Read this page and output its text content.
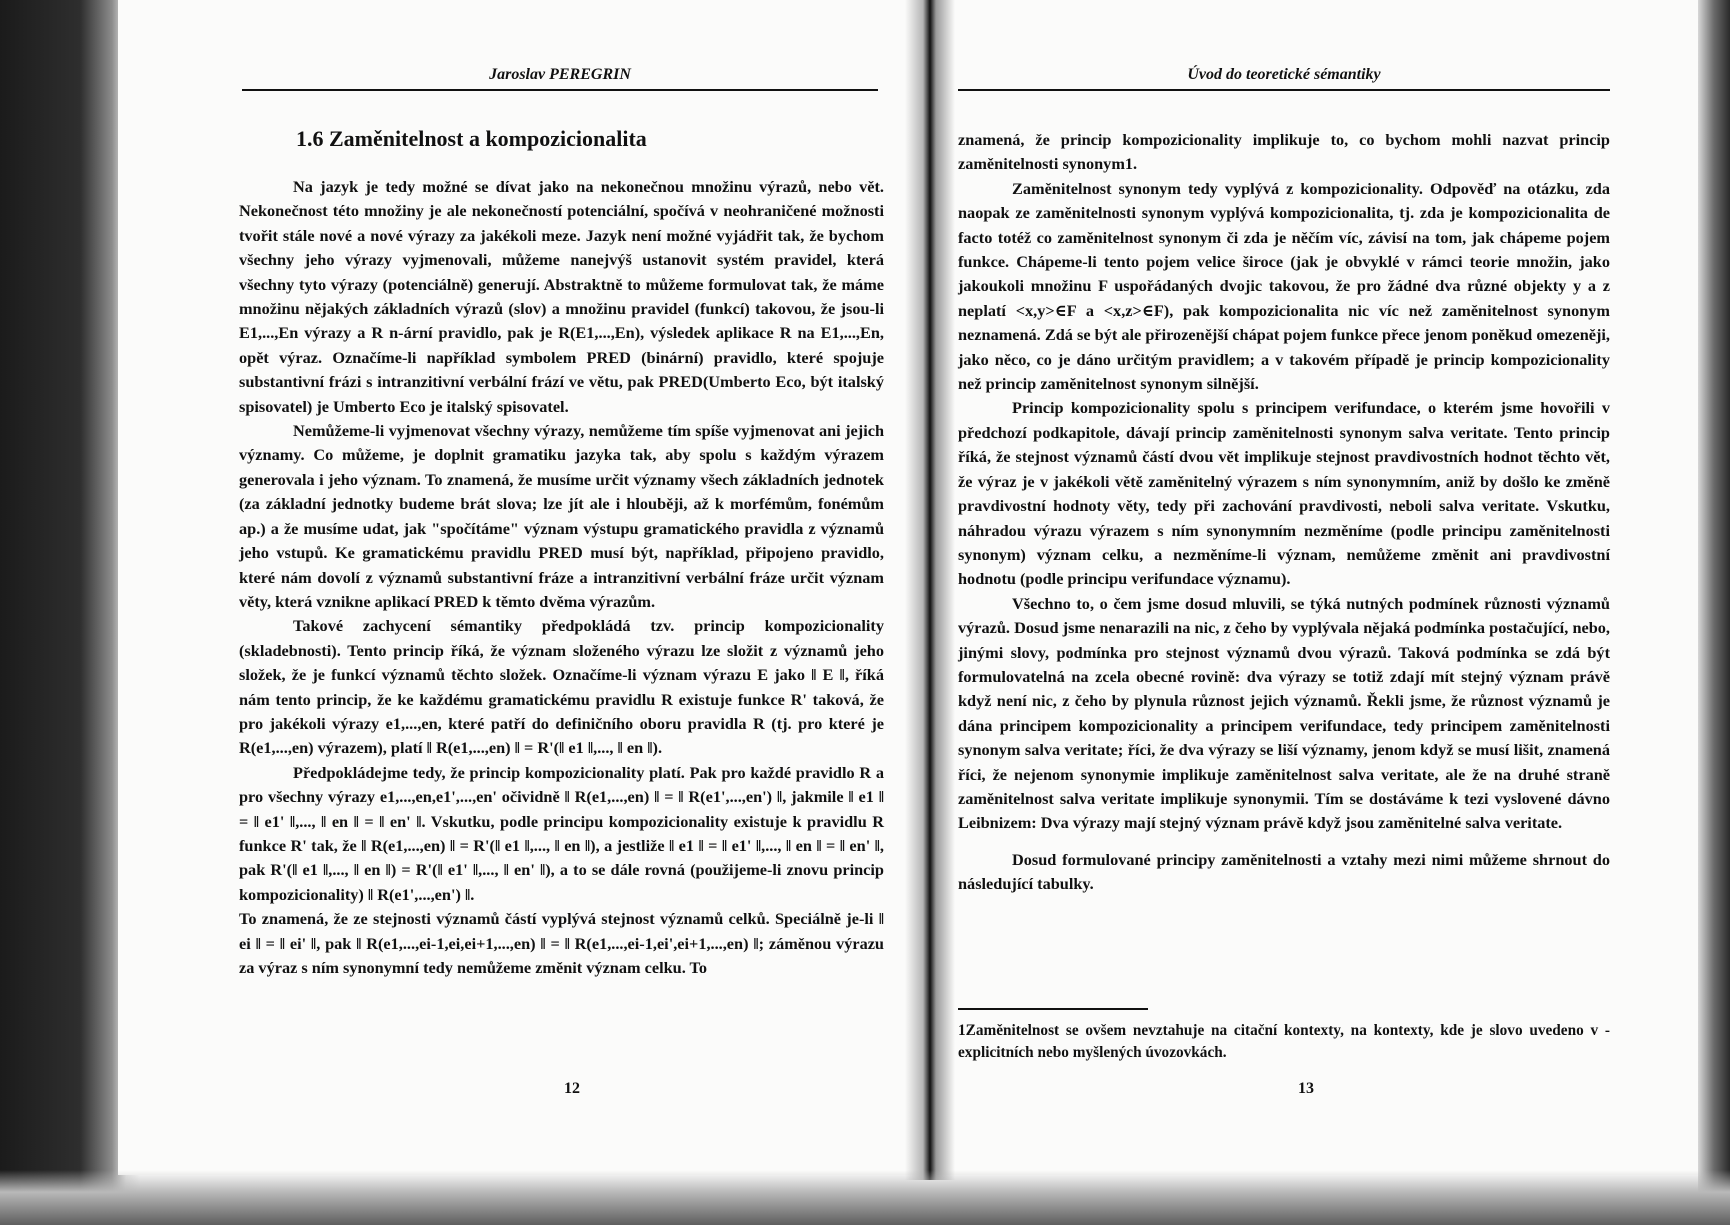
Jaroslav PEREGRIN
1.6 Zaměnitelnost a kompozicionalita

Na jazyk je tedy možné se dívat jako na nekonečnou množinu výrazů, nebo vět. Nekonečnost této množiny je ale nekonečností potenciální, spočívá v neohraničené možnosti tvořit stále nové a nové výrazy za jakékoli meze. Jazyk není možné vyjádřit tak, že bychom všechny jeho výrazy vyjmenovali, můžeme nanejvýš ustanovit systém pravidel, která všechny tyto výrazy (potenciálně) generují. Abstraktně to můžeme formulovat tak, že máme množinu nějakých základních výrazů (slov) a množinu pravidel (funkcí) takovou, že jsou-li E1,...,En výrazy a R n-ární pravidlo, pak je R(E1,...,En), výsledek aplikace R na E1,...,En, opět výraz. Označíme-li například symbolem PRED (binární) pravidlo, které spojuje substantivní frázi s intranzitivní verbální frází ve větu, pak PRED(Umberto Eco, být italský spisovatel) je Umberto Eco je italský spisovatel.

Nemůžeme-li vyjmenovat všechny výrazy, nemůžeme tím spíše vyjmenovat ani jejich významy. Co můžeme, je doplnit gramatiku jazyka tak, aby spolu s každým výrazem generovala i jeho význam. To znamená, že musíme určit významy všech základních jednotek (za základní jednotky budeme brát slova; lze jít ale i hlouběji, až k morfémům, fonémům ap.) a že musíme udat, jak "spočítáme" význam výstupu gramatického pravidla z významů jeho vstupů. Ke gramatickému pravidlu PRED musí být, například, připojeno pravidlo, které nám dovolí z významů substantivní fráze a intranzitivní verbální fráze určit význam věty, která vznikne aplikací PRED k těmto dvěma výrazům.

Takové zachycení sémantiky předpokládá tzv. princip kompozicionality (skladebnosti). Tento princip říká, že význam složeného výrazu lze složit z významů jeho složek, že je funkcí významů těchto složek. Označíme-li význam výrazu E jako ‖ E ‖, říká nám tento princip, že ke každému gramatickému pravidlu R existuje funkce R' taková, že pro jakékoli výrazy e1,...,en, které patří do definičního oboru pravidla R (tj. pro které je R(e1,...,en) výrazem), platí ‖ R(e1,...,en) ‖ = R'(‖ e1 ‖,..., ‖ en ‖).

Předpokládejme tedy, že princip kompozicionality platí. Pak pro každé pravidlo R a pro všechny výrazy e1,...,en,e1',...,en' očividně ‖ R(e1,...,en) ‖ = ‖ R(e1',...,en') ‖, jakmile ‖ e1 ‖ = ‖ e1' ‖,..., ‖ en ‖ = ‖ en' ‖. Vskutku, podle principu kompozicionality existuje k pravidlu R funkce R' tak, že ‖ R(e1,...,en) ‖ = R'(‖ e1 ‖,..., ‖ en ‖), a jestliže ‖ e1 ‖ = ‖ e1' ‖,..., ‖ en ‖ = ‖ en' ‖, pak R'(‖ e1 ‖,..., ‖ en ‖) = R'(‖ e1' ‖,..., ‖ en' ‖), a to se dále rovná (použijeme-li znovu princip kompozicionality) ‖ R(e1',...,en') ‖.

To znamená, že ze stejnosti významů částí vyplývá stejnost významů celků. Speciálně je-li ‖ ei ‖ = ‖ ei' ‖, pak ‖ R(e1,...,ei-1,ei,ei+1,...,en) ‖ = ‖ R(e1,...,ei-1,ei',ei+1,...,en) ‖; záměnou výrazu za výraz s ním synonymní tedy nemůžeme změnit význam celku. To

12
Úvod do teoretické sémantiky

znamená, že princip kompozicionality implikuje to, co bychom mohli nazvat princip zaměnitelnosti synonym1.

Zaměnitelnost synonym tedy vyplývá z kompozicionality. Odpověď na otázku, zda naopak ze zaměnitelnosti synonym vyplývá kompozicionalita, tj. zda je kompozicionalita de facto totéž co zaměnitelnost synonym či zda je něčím víc, závisí na tom, jak chápeme pojem funkce. Chápeme-li tento pojem velice široce (jak je obvyklé v rámci teorie množin, jako jakoukoli množinu F uspořádaných dvojic takovou, že pro žádné dva různé objekty y a z neplatí <x,y>∈F a <x,z>∈F), pak kompozicionalita nic víc než zaměnitelnost synonym neznamená. Zdá se být ale přirozenější chápat pojem funkce přece jenom poněkud omezeněji, jako něco, co je dáno určitým pravidlem; a v takovém případě je princip kompozicionality než princip zaměnitelnost synonym silnější.

Princip kompozicionality spolu s principem verifundace, o kterém jsme hovořili v předchozí podkapitole, dávají princip zaměnitelnosti synonym salva veritate. Tento princip říká, že stejnost významů částí dvou vět implikuje stejnost pravdivostních hodnot těchto vět, že výraz je v jakékoli větě zaměnitelný výrazem s ním synonymním, aniž by došlo ke změně pravdivostní hodnoty věty, tedy při zachování pravdivosti, neboli salva veritate. Vskutku, náhradou výrazu výrazem s ním synonymním nezměníme (podle principu zaměnitelnosti synonym) význam celku, a nezměníme-li význam, nemůžeme změnit ani pravdivostní hodnotu (podle principu verifundace významu).

Všechno to, o čem jsme dosud mluvili, se týká nutných podmínek různosti významů výrazů. Dosud jsme nenarazili na nic, z čeho by vyplývala nějaká podmínka postačující, nebo, jinými slovy, podmínka pro stejnost významů dvou výrazů. Taková podmínka se zdá být formulovatelná na zcela obecné rovině: dva výrazy se totiž zdají mít stejný význam právě když není nic, z čeho by plynula různost jejich významů. Řekli jsme, že různost významů je dána principem kompozicionality a principem verifundace, tedy principem zaměnitelnosti synonym salva veritate; říci, že dva výrazy se liší významy, jenom když se musí lišit, znamená říci, že nejenom synonymie implikuje zaměnitelnost salva veritate, ale že na druhé straně zaměnitelnost salva veritate implikuje synonymii. Tím se dostáváme k tezi vyslovené dávno Leibnizem: Dva výrazy mají stejný význam právě když jsou zaměnitelné salva veritate.

Dosud formulované principy zaměnitelnosti a vztahy mezi nimi můžeme shrnout do následující tabulky.

1Zaměnitelnost se ovšem nevztahuje na citační kontexty, na kontexty, kde je slovo uvedeno v - explicitních nebo myšlených úvozovkách.
13
